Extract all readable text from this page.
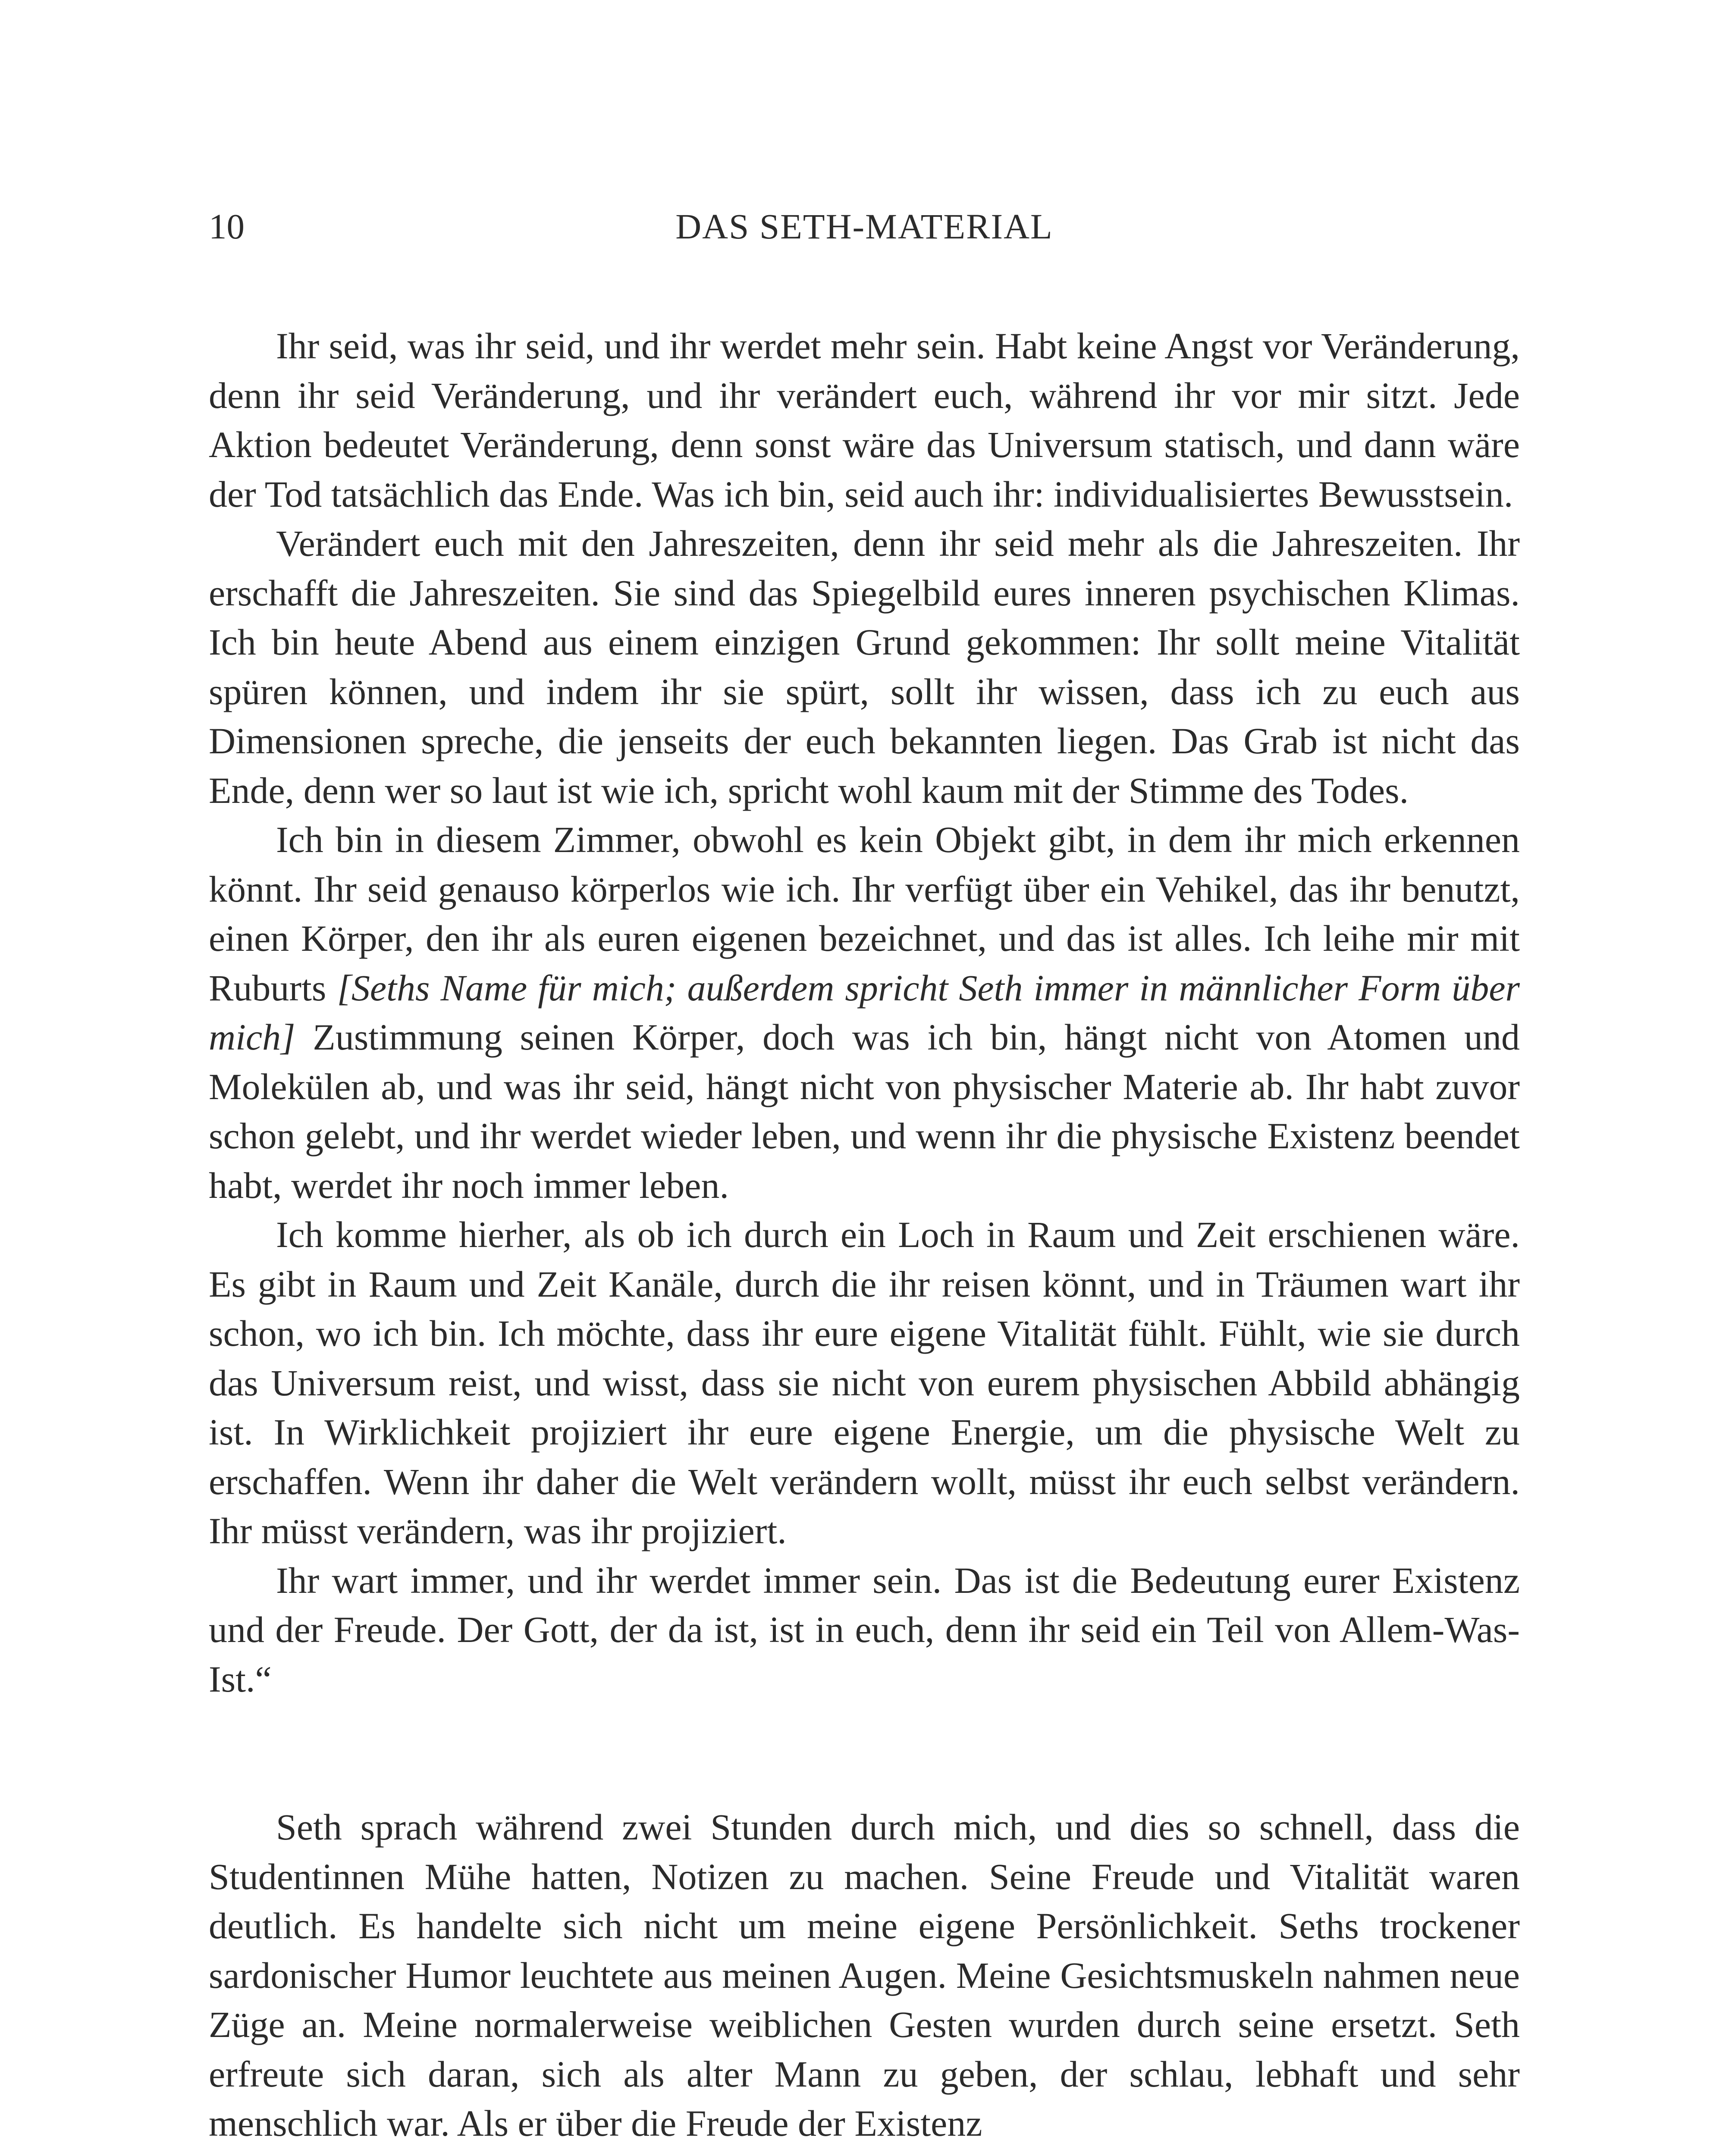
10	DAS SETH-MATERIAL

Ihr seid, was ihr seid, und ihr werdet mehr sein. Habt keine Angst vor Veränderung, denn ihr seid Veränderung, und ihr verändert euch, während ihr vor mir sitzt. Jede Aktion bedeutet Veränderung, denn sonst wäre das Universum statisch, und dann wäre der Tod tatsächlich das Ende. Was ich bin, seid auch ihr: individualisiertes Bewusstsein.

Verändert euch mit den Jahreszeiten, denn ihr seid mehr als die Jahreszeiten. Ihr erschafft die Jahreszeiten. Sie sind das Spiegelbild eures inneren psychischen Klimas. Ich bin heute Abend aus einem einzigen Grund gekommen: Ihr sollt meine Vitalität spüren können, und indem ihr sie spürt, sollt ihr wissen, dass ich zu euch aus Dimensionen spreche, die jenseits der euch bekannten liegen. Das Grab ist nicht das Ende, denn wer so laut ist wie ich, spricht wohl kaum mit der Stimme des Todes.

Ich bin in diesem Zimmer, obwohl es kein Objekt gibt, in dem ihr mich erkennen könnt. Ihr seid genauso körperlos wie ich. Ihr verfügt über ein Vehikel, das ihr benutzt, einen Körper, den ihr als euren eigenen bezeichnet, und das ist alles. Ich leihe mir mit Ruburts [Seths Name für mich; außerdem spricht Seth immer in männlicher Form über mich] Zustimmung seinen Körper, doch was ich bin, hängt nicht von Atomen und Molekülen ab, und was ihr seid, hängt nicht von physischer Materie ab. Ihr habt zuvor schon gelebt, und ihr werdet wieder leben, und wenn ihr die physische Existenz beendet habt, werdet ihr noch immer leben.

Ich komme hierher, als ob ich durch ein Loch in Raum und Zeit erschienen wäre. Es gibt in Raum und Zeit Kanäle, durch die ihr reisen könnt, und in Träumen wart ihr schon, wo ich bin. Ich möchte, dass ihr eure eigene Vitalität fühlt. Fühlt, wie sie durch das Universum reist, und wisst, dass sie nicht von eurem physischen Abbild abhängig ist. In Wirklichkeit projiziert ihr eure eigene Energie, um die physische Welt zu erschaffen. Wenn ihr daher die Welt verändern wollt, müsst ihr euch selbst verändern. Ihr müsst verändern, was ihr projiziert.

Ihr wart immer, und ihr werdet immer sein. Das ist die Bedeutung eurer Existenz und der Freude. Der Gott, der da ist, ist in euch, denn ihr seid ein Teil von Allem-Was-Ist.“

Seth sprach während zwei Stunden durch mich, und dies so schnell, dass die Studentinnen Mühe hatten, Notizen zu machen. Seine Freude und Vitalität waren deutlich. Es handelte sich nicht um meine eigene Persönlichkeit. Seths trockener sardonischer Humor leuchtete aus meinen Augen. Meine Gesichtsmuskeln nahmen neue Züge an. Meine normalerweise weiblichen Gesten wurden durch seine ersetzt. Seth erfreute sich daran, sich als alter Mann zu geben, der schlau, lebhaft und sehr menschlich war. Als er über die Freude der Existenz
